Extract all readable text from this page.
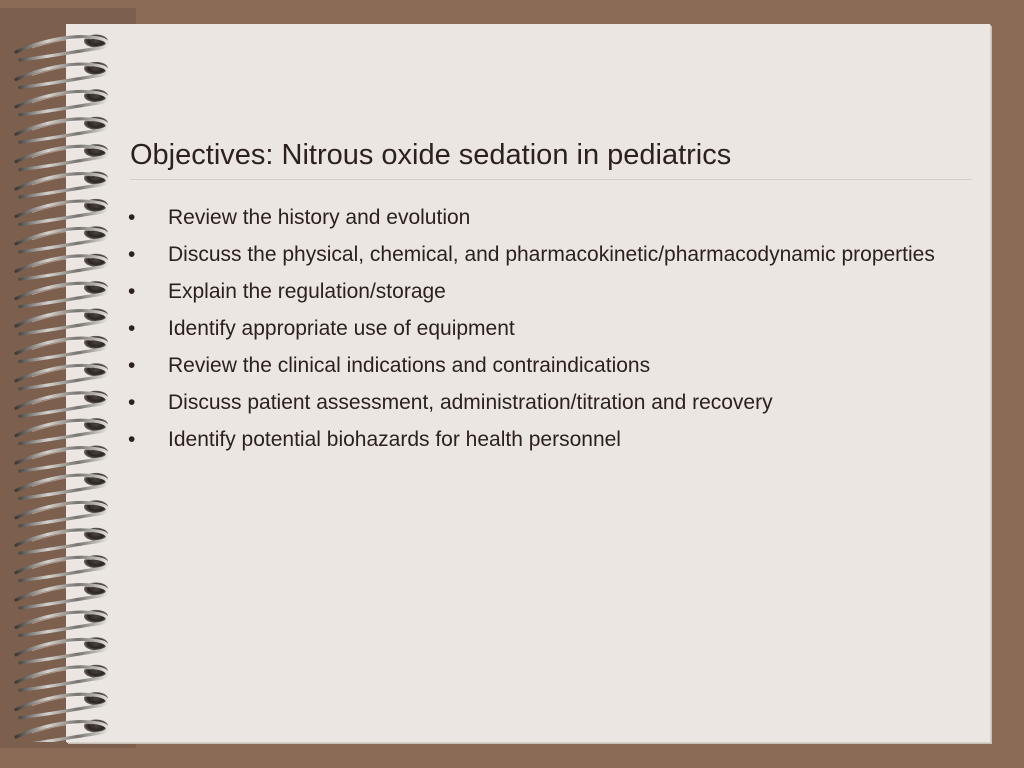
Objectives: Nitrous oxide sedation in pediatrics
•	Review the history and evolution
•	Discuss the physical, chemical, and pharmacokinetic/pharmacodynamic properties
•	Explain the regulation/storage
•	Identify appropriate use of equipment
•	Review the clinical indications and contraindications
•	Discuss patient assessment, administration/titration and recovery
•	Identify potential biohazards for health personnel
